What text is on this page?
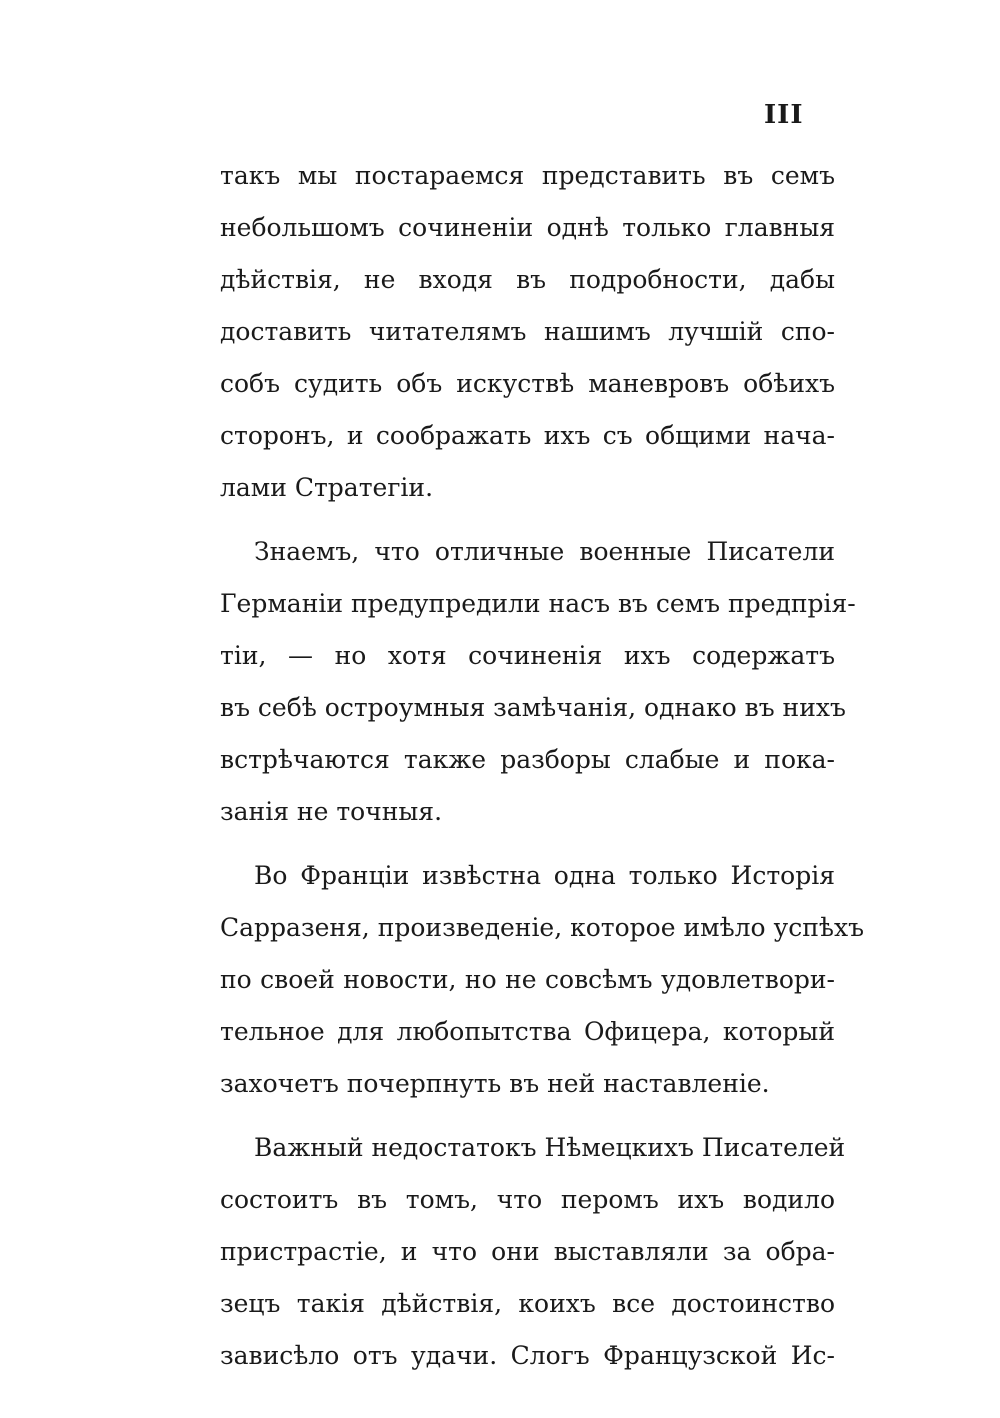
III
такъ мы постараемся представить въ семъ
небольшомъ сочиненіи однѣ только главныя
дѣйствія, не входя въ подробности, дабы
доставить читателямъ нашимъ лучшій спо-
собъ судить объ искуствѣ маневровъ обѣихъ
сторонъ, и соображать ихъ съ общими нача-
лами Стратегіи.
Знаемъ, что отличные военные Писатели
Германіи предупредили насъ въ семъ предпрія-
тіи, — но хотя сочиненія ихъ содержатъ
въ себѣ остроумныя замѣчанія, однако въ нихъ
встрѣчаются также разборы слабые и пока-
занія не точныя.
Во Франціи извѣстна одна только Исторія
Сарразеня, произведеніе, которое имѣло успѣхъ
по своей новости, но не совсѣмъ удовлетвори-
тельное для любопытства Офицера, который
захочетъ почерпнуть въ ней наставленіе.
Важный недостатокъ Нѣмецкихъ Писателей
состоитъ въ томъ, что перомъ ихъ водило
пристрастіе, и что они выставляли за обра-
зецъ такія дѣйствія, коихъ все достоинство
зависѣло отъ удачи. Слогъ Французской Ис-
